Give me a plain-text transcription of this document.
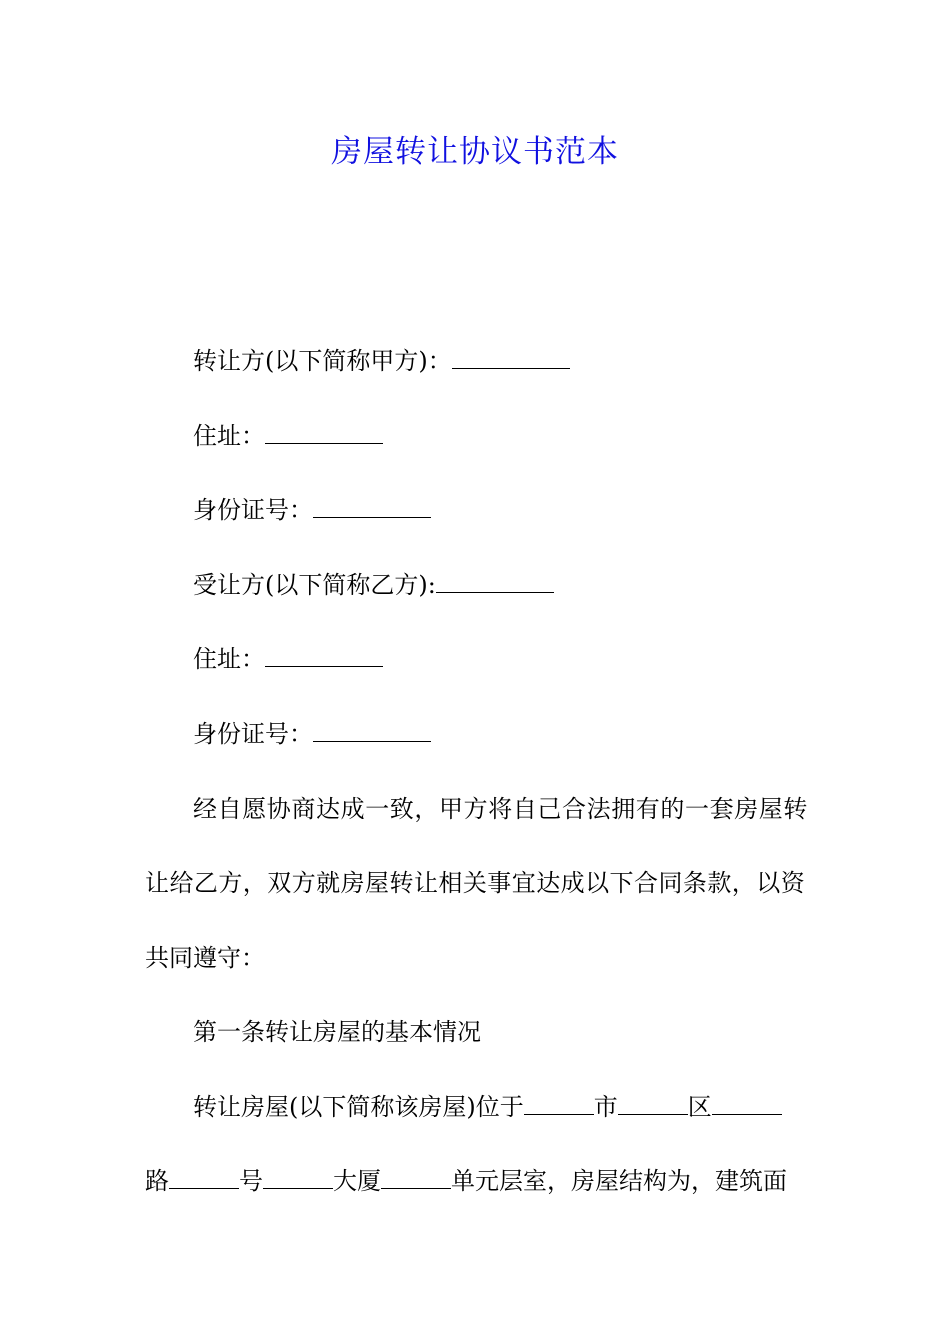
房屋转让协议书范本
转让方(以下简称甲方)：
住址：
身份证号：
受让方(以下简称乙方):
住址：
身份证号：
经自愿协商达成一致，甲方将自己合法拥有的一套房屋转
让给乙方，双方就房屋转让相关事宜达成以下合同条款，以资
共同遵守：
第一条转让房屋的基本情况
转让房屋(以下简称该房屋)位于	市	区
路	号	大厦	单元层室，房屋结构为，建筑面
